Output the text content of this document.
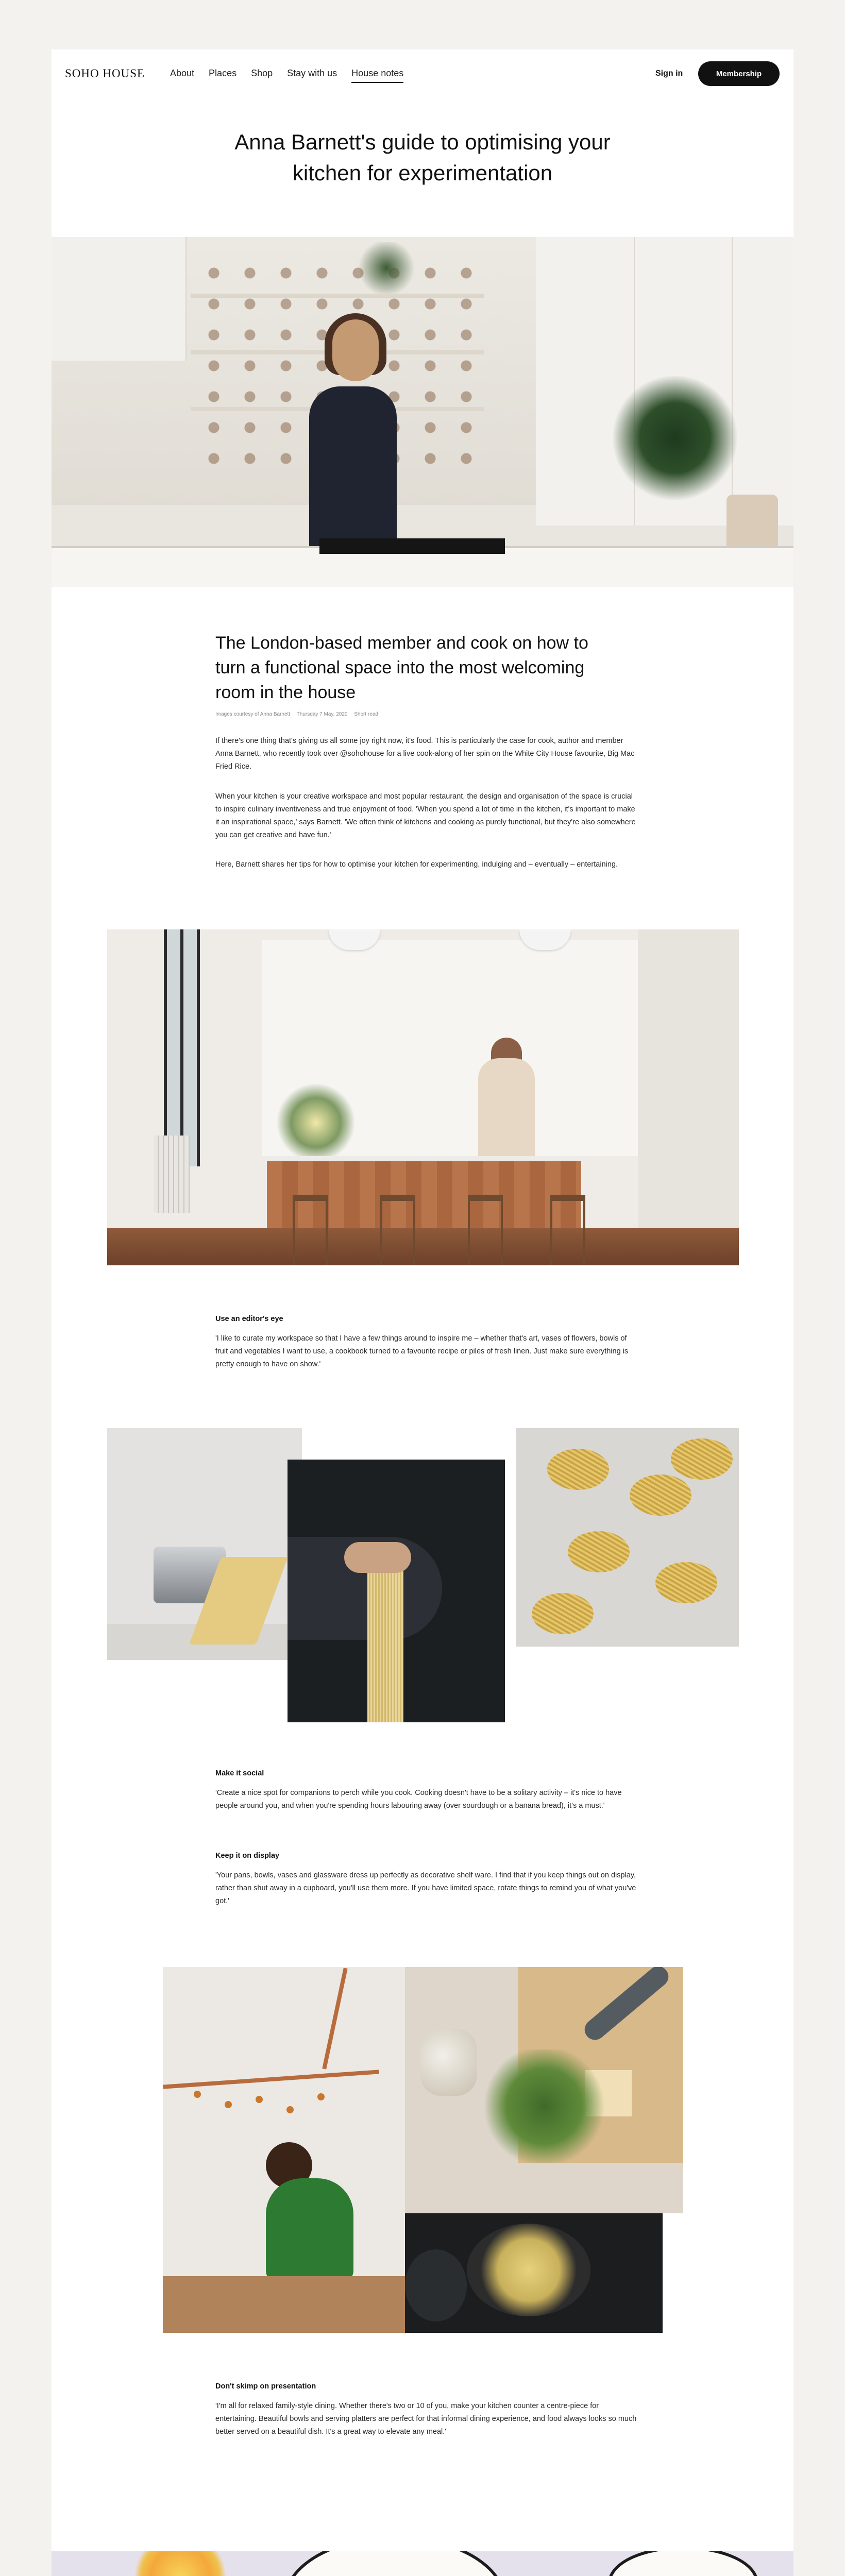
SOHO HOUSE	About Places Shop Stay with us House notes	Sign in	Membership
Anna Barnett's guide to optimising your kitchen for experimentation
The London-based member and cook on how to turn a functional space into the most welcoming room in the house
Images courtesy of Anna Barnett Thursday 7 May, 2020 Short read

If there's one thing that's giving us all some joy right now, it's food. This is particularly the case for cook, author and member Anna Barnett, who recently took over @sohohouse for a live cook-along of her spin on the White City House favourite, Big Mac Fried Rice.

When your kitchen is your creative workspace and most popular restaurant, the design and organisation of the space is crucial to inspire culinary inventiveness and true enjoyment of food. 'When you spend a lot of time in the kitchen, it's important to make it an inspirational space,' says Barnett. 'We often think of kitchens and cooking as purely functional, but they're also somewhere you can get creative and have fun.'

Here, Barnett shares her tips for how to optimise your kitchen for experimenting, indulging and – eventually – entertaining.

Use an editor's eye

'I like to curate my workspace so that I have a few things around to inspire me – whether that's art, vases of flowers, bowls of fruit and vegetables I want to use, a cookbook turned to a favourite recipe or piles of fresh linen. Just make sure everything is pretty enough to have on show.'

Make it social

'Create a nice spot for companions to perch while you cook. Cooking doesn't have to be a solitary activity – it's nice to have people around you, and when you're spending hours labouring away (over sourdough or a banana bread), it's a must.'

Keep it on display

'Your pans, bowls, vases and glassware dress up perfectly as decorative shelf ware. I find that if you keep things out on display, rather than shut away in a cupboard, you'll use them more. If you have limited space, rotate things to remind you of what you've got.'

Don't skimp on presentation

'I'm all for relaxed family-style dining. Whether there's two or 10 of you, make your kitchen counter a centre-piece for entertaining. Beautiful bowls and serving platters are perfect for that informal dining experience, and food always looks so much better served on a beautiful dish. It's a great way to elevate any meal.'
